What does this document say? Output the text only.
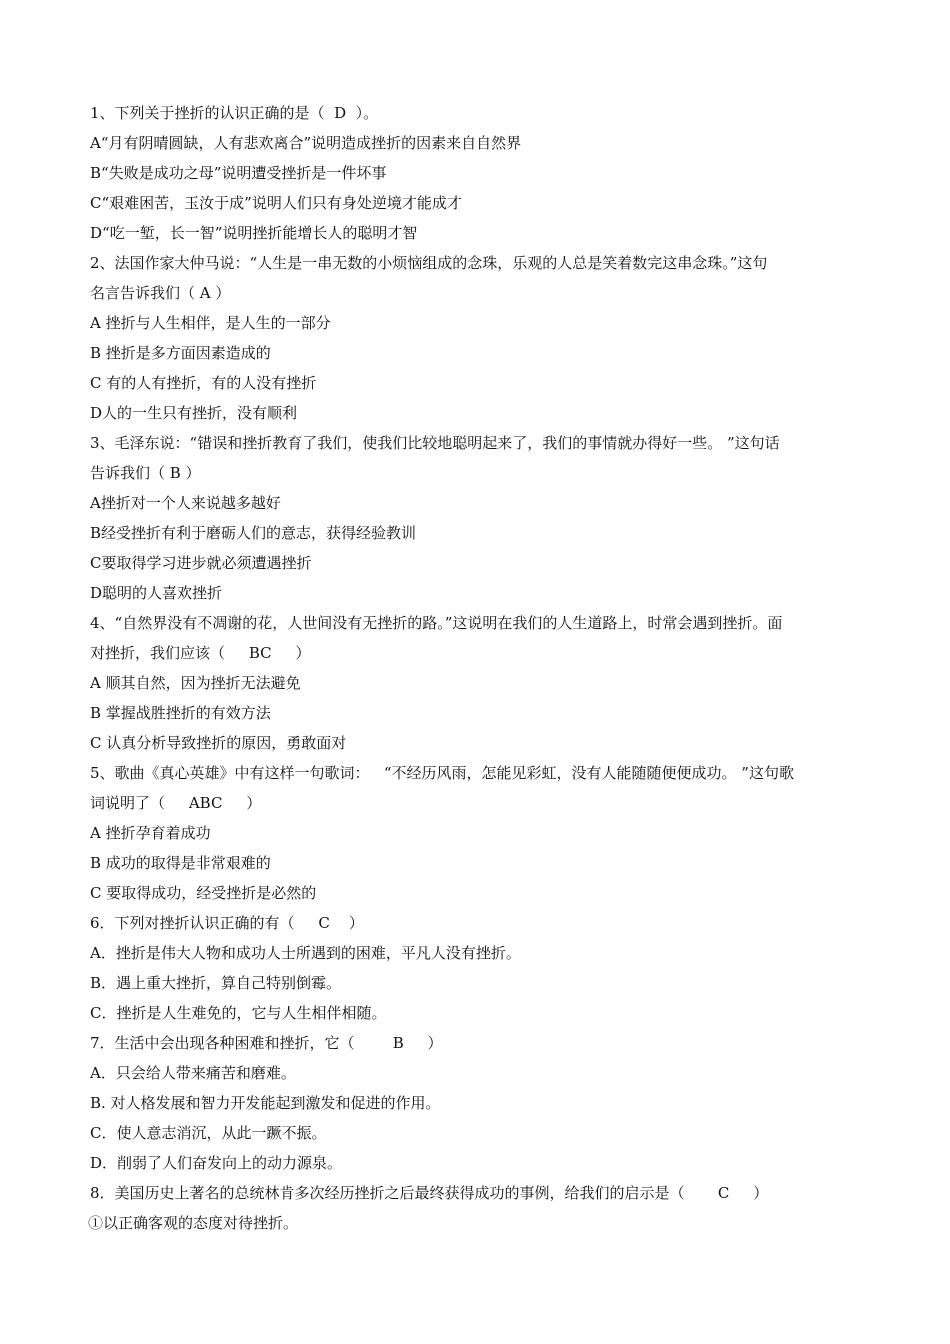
1、下列关于挫折的认识正确的是（  D  ）。
A“月有阴晴圆缺，人有悲欢离合”说明造成挫折的因素来自自然界
B“失败是成功之母”说明遭受挫折是一件坏事
C“艰难困苦，玉汝于成”说明人们只有身处逆境才能成才
D“吃一堑，长一智”说明挫折能增长人的聪明才智
2、法国作家大仲马说：“人生是一串无数的小烦恼组成的念珠，乐观的人总是笑着数完这串念珠。”这句
名言告诉我们（ A ）
A 挫折与人生相伴，是人生的一部分
B 挫折是多方面因素造成的
C 有的人有挫折，有的人没有挫折
D人的一生只有挫折，没有顺利
3、毛泽东说：“错误和挫折教育了我们，使我们比较地聪明起来了，我们的事情就办得好一些。 ”这句话
告诉我们（ B ）
A挫折对一个人来说越多越好
B经受挫折有利于磨砺人们的意志，获得经验教训
C要取得学习进步就必须遭遇挫折
D聪明的人喜欢挫折
4、“自然界没有不凋谢的花，人世间没有无挫折的路。”这说明在我们的人生道路上，时常会遇到挫折。面
对挫折，我们应该（     BC     ）
A 顺其自然，因为挫折无法避免
B 掌握战胜挫折的有效方法
C 认真分析导致挫折的原因，勇敢面对
5、歌曲《真心英雄》中有这样一句歌词：   “不经历风雨，怎能见彩虹，没有人能随随便便成功。 ”这句歌
词说明了（     ABC     ）
A 挫折孕育着成功
B 成功的取得是非常艰难的
C 要取得成功，经受挫折是必然的
6．下列对挫折认识正确的有（     C    ）
A．挫折是伟大人物和成功人士所遇到的困难，平凡人没有挫折。
B．遇上重大挫折，算自己特别倒霉。
C．挫折是人生难免的，它与人生相伴相随。
7．生活中会出现各种困难和挫折，它（        B     ）
A．只会给人带来痛苦和磨难。
B. 对人格发展和智力开发能起到激发和促进的作用。
C．使人意志消沉，从此一蹶不振。
D．削弱了人们奋发向上的动力源泉。
8．美国历史上著名的总统林肯多次经历挫折之后最终获得成功的事例，给我们的启示是（       C     ）
①以正确客观的态度对待挫折。
